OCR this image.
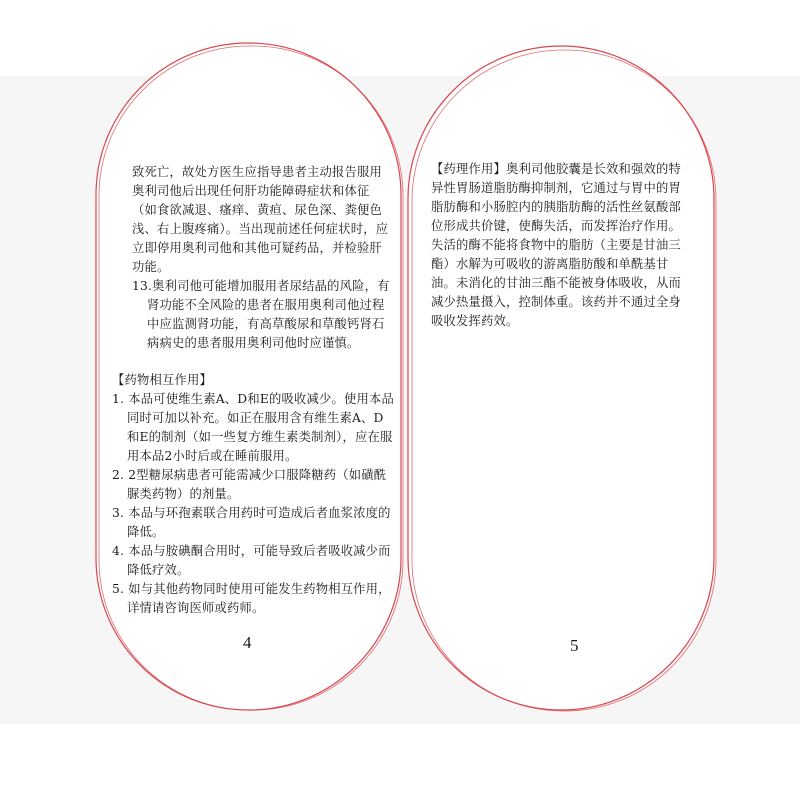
致死亡，故处方医生应指导患者主动报告服用奥利司他后出现任何肝功能障碍症状和体征（如食欲减退、瘙痒、黄疸、尿色深、粪便色浅、右上腹疼痛）。当出现前述任何症状时，应立即停用奥利司他和其他可疑药品，并检验肝功能。

13.奥利司他可能增加服用者尿结晶的风险，有肾功能不全风险的患者在服用奥利司他过程中应监测肾功能，有高草酸尿和草酸钙肾石病病史的患者服用奥利司他时应谨慎。

【药物相互作用】

1. 本品可使维生素A、D和E的吸收减少。使用本品同时可加以补充。如正在服用含有维生素A、D和E的制剂（如一些复方维生素类制剂），应在服用本品2小时后或在睡前服用。

2. 2型糖尿病患者可能需减少口服降糖药（如磺酰脲类药物）的剂量。

3. 本品与环孢素联合用药时可造成后者血浆浓度的降低。

4. 本品与胺碘酮合用时，可能导致后者吸收减少而降低疗效。

5. 如与其他药物同时使用可能发生药物相互作用，详情请咨询医师或药师。

4

【药理作用】奥利司他胶囊是长效和强效的特异性胃肠道脂肪酶抑制剂，它通过与胃中的胃脂肪酶和小肠腔内的胰脂肪酶的活性丝氨酸部位形成共价键，使酶失活，而发挥治疗作用。失活的酶不能将食物中的脂肪（主要是甘油三酯）水解为可吸收的游离脂肪酸和单酰基甘油。未消化的甘油三酯不能被身体吸收，从而减少热量摄入，控制体重。该药并不通过全身吸收发挥药效。

5
